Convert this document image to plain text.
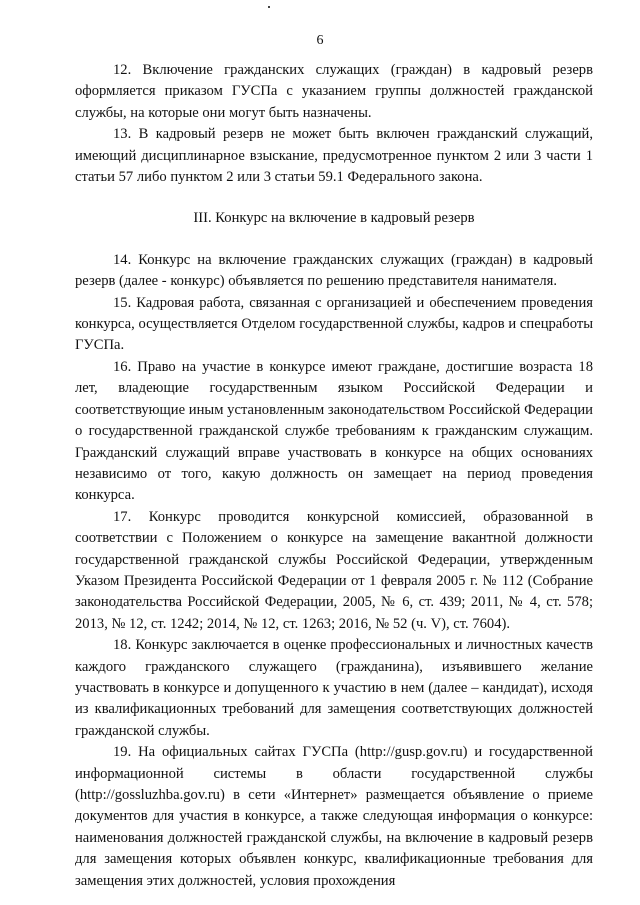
6

12. Включение гражданских служащих (граждан) в кадровый резерв оформляется приказом ГУСПа с указанием группы должностей гражданской службы, на которые они могут быть назначены.

13. В кадровый резерв не может быть включен гражданский служащий, имеющий дисциплинарное взыскание, предусмотренное пунктом 2 или 3 части 1 статьи 57 либо пунктом 2 или 3 статьи 59.1 Федерального закона.

III. Конкурс на включение в кадровый резерв

14. Конкурс на включение гражданских служащих (граждан) в кадровый резерв (далее - конкурс) объявляется по решению представителя нанимателя.

15. Кадровая работа, связанная с организацией и обеспечением проведения конкурса, осуществляется Отделом государственной службы, кадров и спецработы ГУСПа.

16. Право на участие в конкурсе имеют граждане, достигшие возраста 18 лет, владеющие государственным языком Российской Федерации и соответствующие иным установленным законодательством Российской Федерации о государственной гражданской службе требованиям к гражданским служащим. Гражданский служащий вправе участвовать в конкурсе на общих основаниях независимо от того, какую должность он замещает на период проведения конкурса.

17. Конкурс проводится конкурсной комиссией, образованной в соответствии с Положением о конкурсе на замещение вакантной должности государственной гражданской службы Российской Федерации, утвержденным Указом Президента Российской Федерации от 1 февраля 2005 г. № 112 (Собрание законодательства Российской Федерации, 2005, № 6, ст. 439; 2011, № 4, ст. 578; 2013, № 12, ст. 1242; 2014, № 12, ст. 1263; 2016, № 52 (ч. V), ст. 7604).

18. Конкурс заключается в оценке профессиональных и личностных качеств каждого гражданского служащего (гражданина), изъявившего желание участвовать в конкурсе и допущенного к участию в нем (далее – кандидат), исходя из квалификационных требований для замещения соответствующих должностей гражданской службы.

19. На официальных сайтах ГУСПа (http://gusp.gov.ru) и государственной информационной системы в области государственной службы (http://gossluzhba.gov.ru) в сети «Интернет» размещается объявление о приеме документов для участия в конкурсе, а также следующая информация о конкурсе: наименования должностей гражданской службы, на включение в кадровый резерв для замещения которых объявлен конкурс, квалификационные требования для замещения этих должностей, условия прохождения
